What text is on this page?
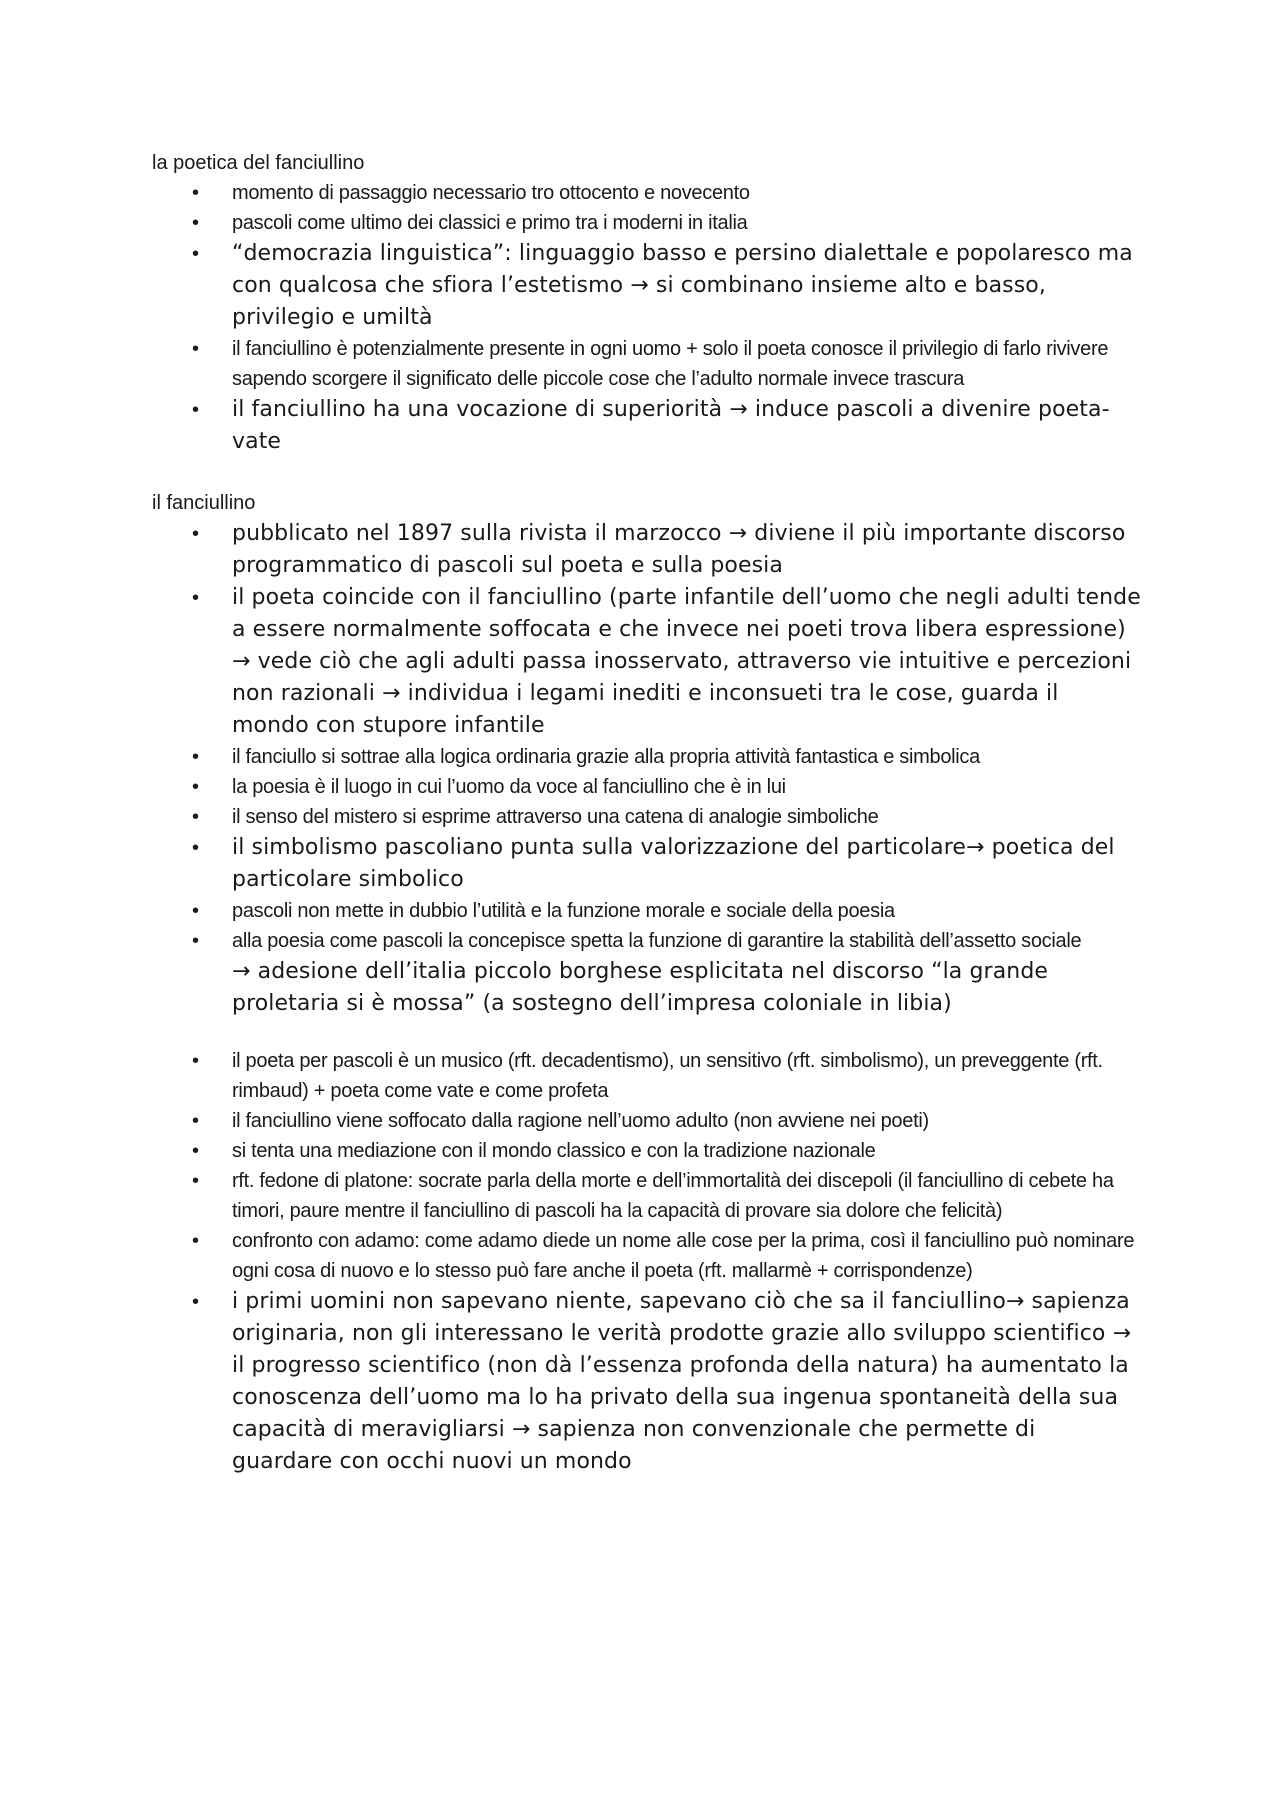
la poetica del fanciullino

• momento di passaggio necessario tro ottocento e novecento
• pascoli come ultimo dei classici e primo tra i moderni in italia
• “democrazia linguistica”: linguaggio basso e persino dialettale e popolaresco ma con qualcosa che sfiora l’estetismo → si combinano insieme alto e basso, privilegio e umiltà
• il fanciullino è potenzialmente presente in ogni uomo + solo il poeta conosce il privilegio di farlo rivivere sapendo scorgere il significato delle piccole cose che l’adulto normale invece trascura
• il fanciullino ha una vocazione di superiorità → induce pascoli a divenire poeta-vate

il fanciullino

• pubblicato nel 1897 sulla rivista il marzocco → diviene il più importante discorso programmatico di pascoli sul poeta e sulla poesia
• il poeta coincide con il fanciullino (parte infantile dell’uomo che negli adulti tende a essere normalmente soffocata e che invece nei poeti trova libera espressione) → vede ciò che agli adulti passa inosservato, attraverso vie intuitive e percezioni non razionali → individua i legami inediti e inconsueti tra le cose, guarda il mondo con stupore infantile
• il fanciullo si sottrae alla logica ordinaria grazie alla propria attività fantastica e simbolica
• la poesia è il luogo in cui l’uomo da voce al fanciullino che è in lui
• il senso del mistero si esprime attraverso una catena di analogie simboliche
• il simbolismo pascoliano punta sulla valorizzazione del particolare→ poetica del particolare simbolico
• pascoli non mette in dubbio l’utilità e la funzione morale e sociale della poesia
• alla poesia come pascoli la concepisce spetta la funzione di garantire la stabilità dell’assetto sociale
→ adesione dell’italia piccolo borghese esplicitata nel discorso “la grande proletaria si è mossa” (a sostegno dell’impresa coloniale in libia)
• il poeta per pascoli è un musico (rft. decadentismo), un sensitivo (rft. simbolismo), un preveggente (rft. rimbaud) + poeta come vate e come profeta
• il fanciullino viene soffocato dalla ragione nell’uomo adulto (non avviene nei poeti)
• si tenta una mediazione con il mondo classico e con la tradizione nazionale
• rft. fedone di platone: socrate parla della morte e dell’immortalità dei discepoli (il fanciullino di cebete ha timori, paure mentre il fanciullino di pascoli ha la capacità di provare sia dolore che felicità)
• confronto con adamo: come adamo diede un nome alle cose per la prima, così il fanciullino può nominare ogni cosa di nuovo e lo stesso può fare anche il poeta (rft. mallarmè + corrispondenze)
• i primi uomini non sapevano niente, sapevano ciò che sa il fanciullino→ sapienza originaria, non gli interessano le verità prodotte grazie allo sviluppo scientifico → il progresso scientifico (non dà l’essenza profonda della natura) ha aumentato la conoscenza dell’uomo ma lo ha privato della sua ingenua spontaneità della sua capacità di meravigliarsi → sapienza non convenzionale che permette di guardare con occhi nuovi un mondo
